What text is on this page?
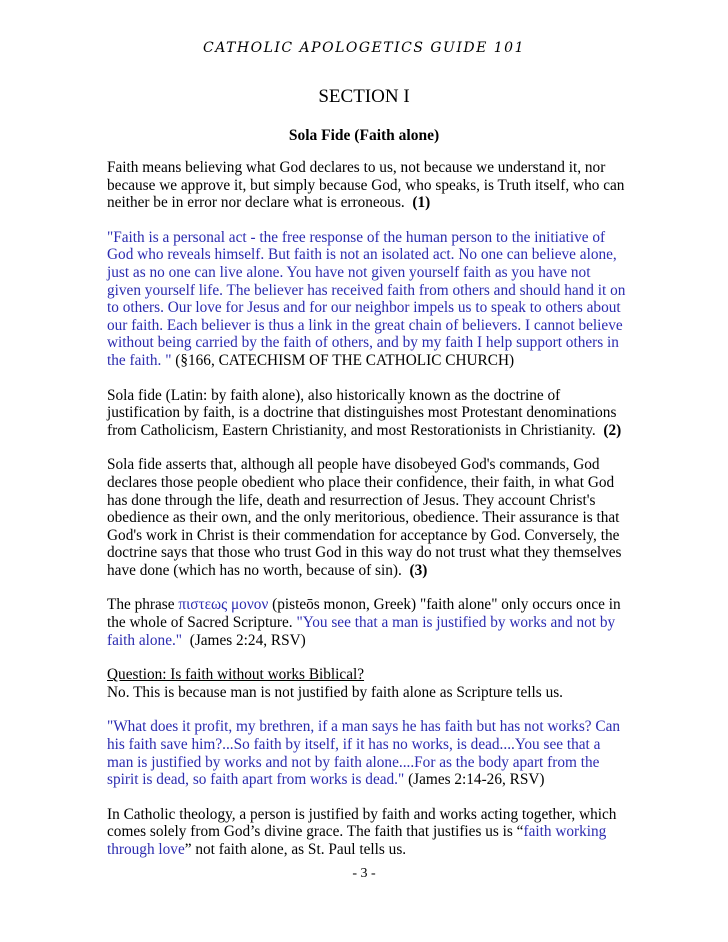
CATHOLIC APOLOGETICS GUIDE 101
SECTION I
Sola Fide (Faith alone)

Faith means believing what God declares to us, not because we understand it, nor because we approve it, but simply because God, who speaks, is Truth itself, who can neither be in error nor declare what is erroneous. (1)

"Faith is a personal act - the free response of the human person to the initiative of God who reveals himself. But faith is not an isolated act. No one can believe alone, just as no one can live alone. You have not given yourself faith as you have not given yourself life. The believer has received faith from others and should hand it on to others. Our love for Jesus and for our neighbor impels us to speak to others about our faith. Each believer is thus a link in the great chain of believers. I cannot believe without being carried by the faith of others, and by my faith I help support others in the faith. " (§166, CATECHISM OF THE CATHOLIC CHURCH)

Sola fide (Latin: by faith alone), also historically known as the doctrine of justification by faith, is a doctrine that distinguishes most Protestant denominations from Catholicism, Eastern Christianity, and most Restorationists in Christianity. (2)

Sola fide asserts that, although all people have disobeyed God's commands, God declares those people obedient who place their confidence, their faith, in what God has done through the life, death and resurrection of Jesus. They account Christ's obedience as their own, and the only meritorious, obedience. Their assurance is that God's work in Christ is their commendation for acceptance by God. Conversely, the doctrine says that those who trust God in this way do not trust what they themselves have done (which has no worth, because of sin). (3)

The phrase πιστεως μονον (pisteōs monon, Greek) "faith alone" only occurs once in the whole of Sacred Scripture. "You see that a man is justified by works and not by faith alone." (James 2:24, RSV)

Question: Is faith without works Biblical?
No. This is because man is not justified by faith alone as Scripture tells us.

"What does it profit, my brethren, if a man says he has faith but has not works? Can his faith save him?...So faith by itself, if it has no works, is dead....You see that a man is justified by works and not by faith alone....For as the body apart from the spirit is dead, so faith apart from works is dead." (James 2:14-26, RSV)

In Catholic theology, a person is justified by faith and works acting together, which comes solely from God’s divine grace. The faith that justifies us is “faith working through love” not faith alone, as St. Paul tells us.

- 3 -
